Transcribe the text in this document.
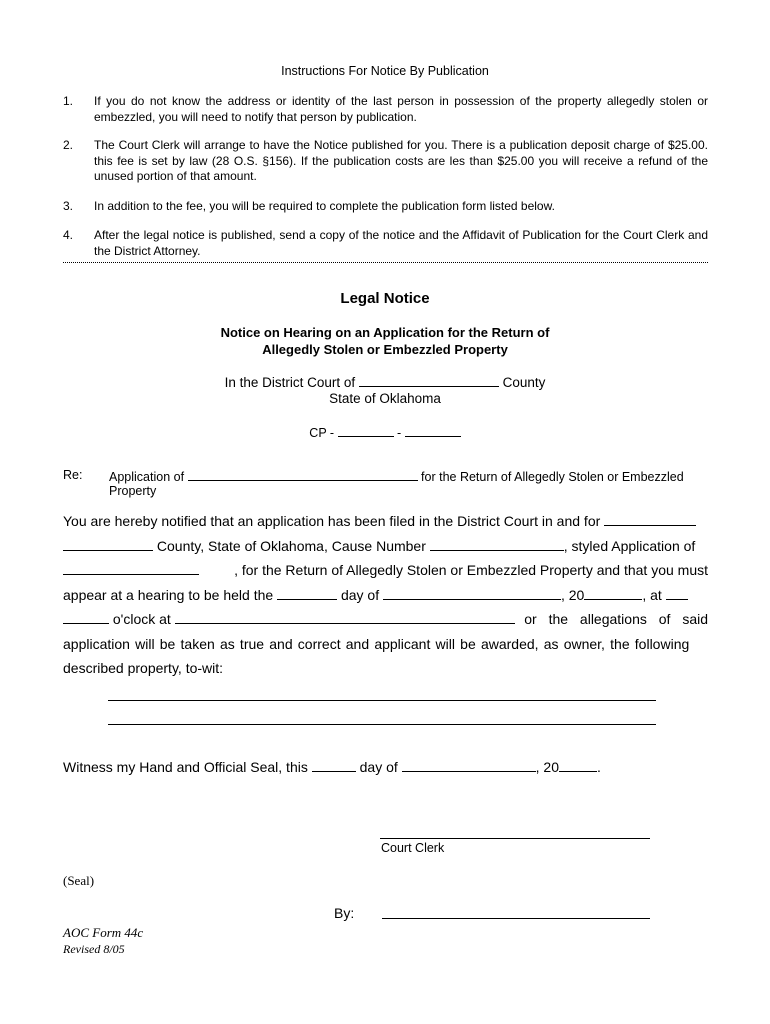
Instructions For Notice By Publication
1. If you do not know the address or identity of the last person in possession of the property allegedly stolen or embezzled, you will need to notify that person by publication.
2. The Court Clerk will arrange to have the Notice published for you. There is a publication deposit charge of $25.00. this fee is set by law (28 O.S. §156). If the publication costs are les than $25.00 you will receive a refund of the unused portion of that amount.
3. In addition to the fee, you will be required to complete the publication form listed below.
4. After the legal notice is published, send a copy of the notice and the Affidavit of Publication for the Court Clerk and the District Attorney.
Legal Notice
Notice on Hearing on an Application for the Return of
Allegedly Stolen or Embezzled Property
In the District Court of	County
State of Oklahoma
CP -	-
Re: Application of	for the Return of Allegedly Stolen or Embezzled
Property
You are hereby notified that an application has been filed in the District Court in and for
County, State of Oklahoma, Cause Number	, styled Application of
, for the Return of Allegedly Stolen or Embezzled Property and that you must
appear at a hearing to be held the	day of	, 20	, at
o'clock at	or the allegations of said
application will be taken as true and correct and applicant will be awarded, as owner, the following
described property, to-wit:
Witness my Hand and Official Seal, this	day of	, 20	.
Court Clerk
(Seal)
By:
AOC Form 44c
Revised 8/05
